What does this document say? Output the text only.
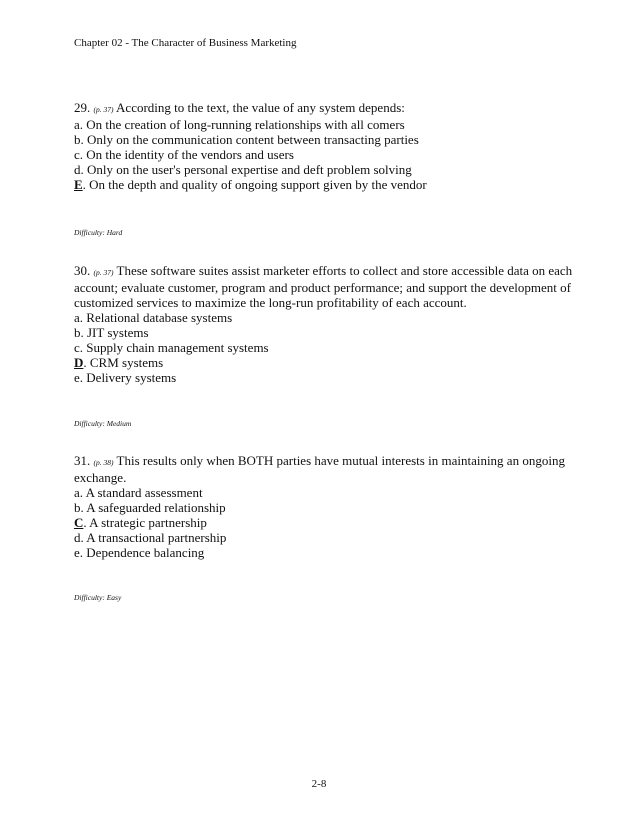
Chapter 02 - The Character of Business Marketing

29. (p. 37) According to the text, the value of any system depends:

a. On the creation of long-running relationships with all comers

b. Only on the communication content between transacting parties

c. On the identity of the vendors and users

d. Only on the user's personal expertise and deft problem solving

E. On the depth and quality of ongoing support given by the vendor

Difficulty: Hard

30. (p. 37) These software suites assist marketer efforts to collect and store accessible data on each

account; evaluate customer, program and product performance; and support the development of

customized services to maximize the long-run profitability of each account.

a. Relational database systems

b. JIT systems

c. Supply chain management systems

D. CRM systems

e. Delivery systems

Difficulty: Medium

31. (p. 38) This results only when BOTH parties have mutual interests in maintaining an ongoing

exchange.

a. A standard assessment

b. A safeguarded relationship

C. A strategic partnership

d. A transactional partnership

e. Dependence balancing

Difficulty: Easy
2-8
